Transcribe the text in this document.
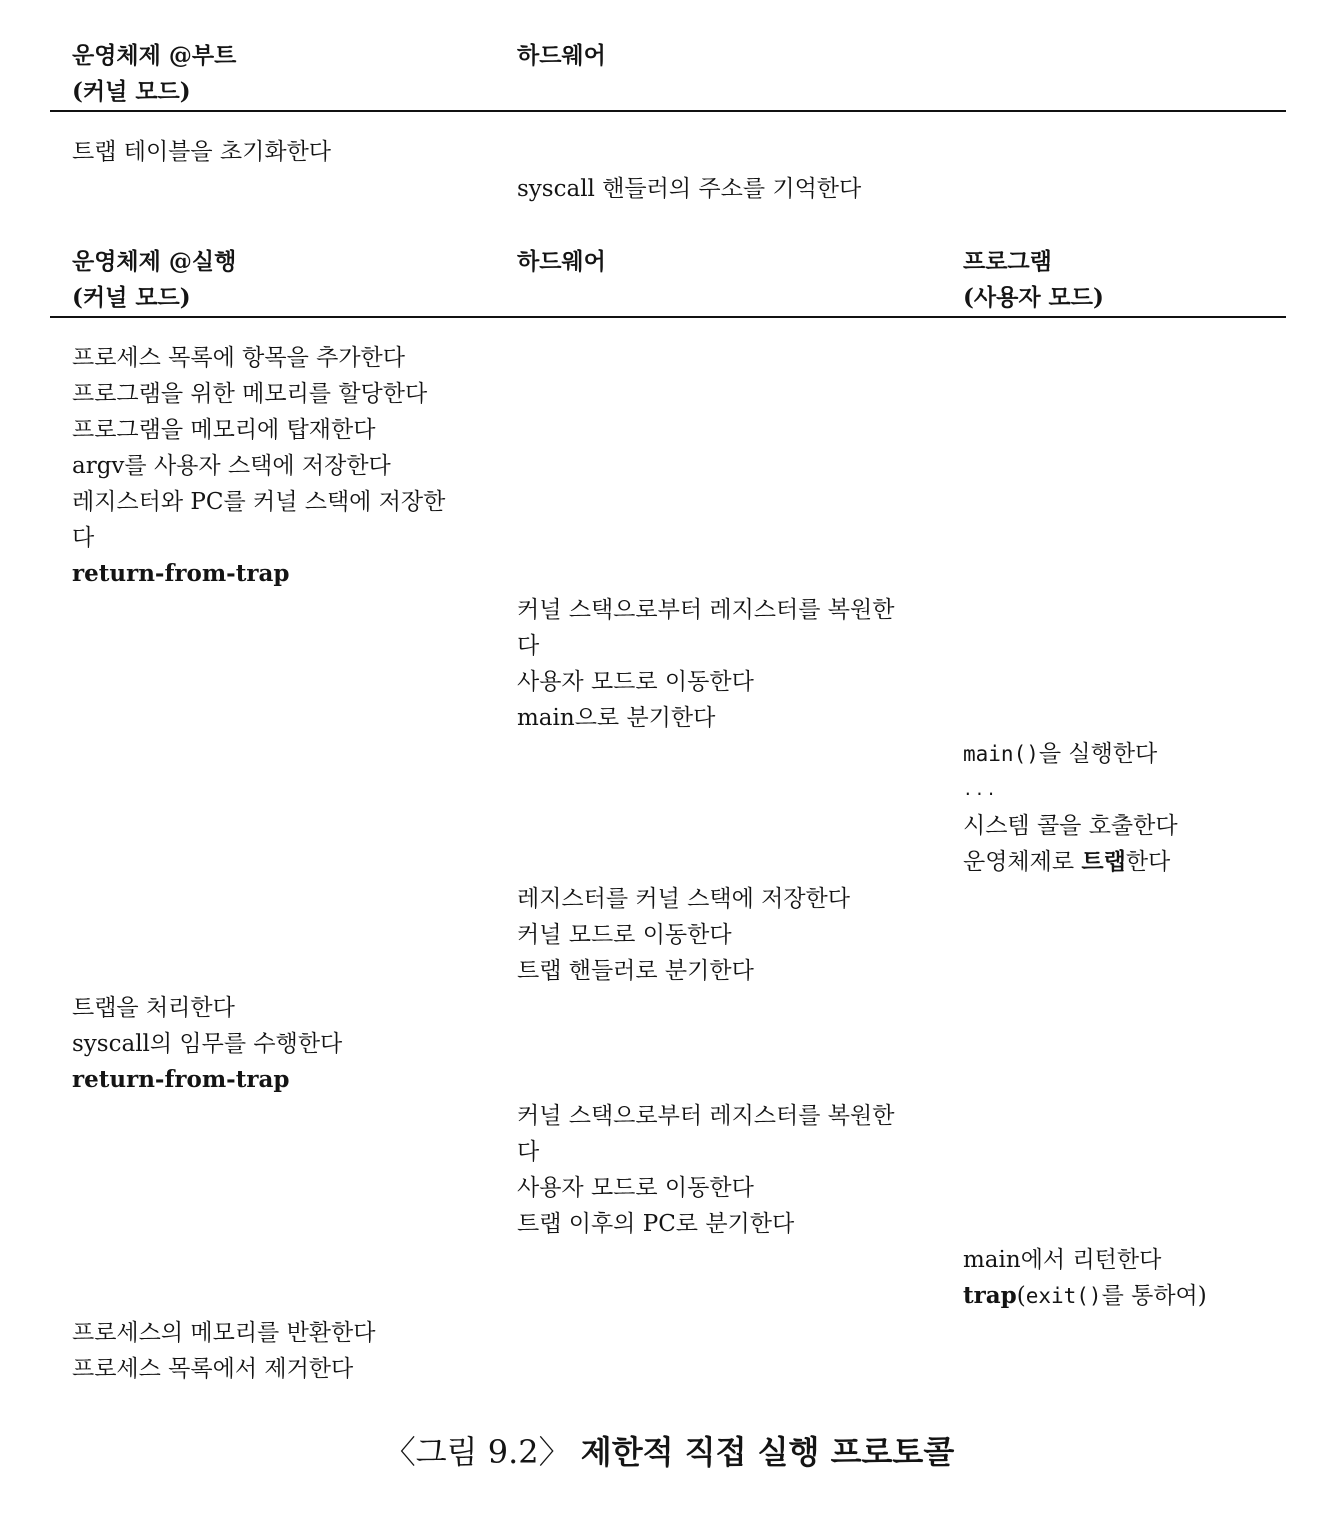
운영체제 @부트
(커널 모드)
하드웨어
트랩 테이블을 초기화한다
syscall 핸들러의 주소를 기억한다
운영체제 @실행
(커널 모드)
하드웨어	프로그램
(사용자 모드)
프로세스 목록에 항목을 추가한다
프로그램을 위한 메모리를 할당한다
프로그램을 메모리에 탑재한다
argv를 사용자 스택에 저장한다
레지스터와 PC를 커널 스택에 저장한
다
return-from-trap
커널 스택으로부터 레지스터를 복원한
다
사용자 모드로 이동한다
main으로 분기한다
main()을 실행한다
...
시스템 콜을 호출한다
운영체제로 트랩한다
레지스터를 커널 스택에 저장한다
커널 모드로 이동한다
트랩 핸들러로 분기한다
트랩을 처리한다
syscall의 임무를 수행한다
return-from-trap
커널 스택으로부터 레지스터를 복원한
다
사용자 모드로 이동한다
트랩 이후의 PC로 분기한다
main에서 리턴한다
trap(exit()를 통하여)
프로세스의 메모리를 반환한다
프로세스 목록에서 제거한다
〈그림 9.2〉 제한적 직접 실행 프로토콜
